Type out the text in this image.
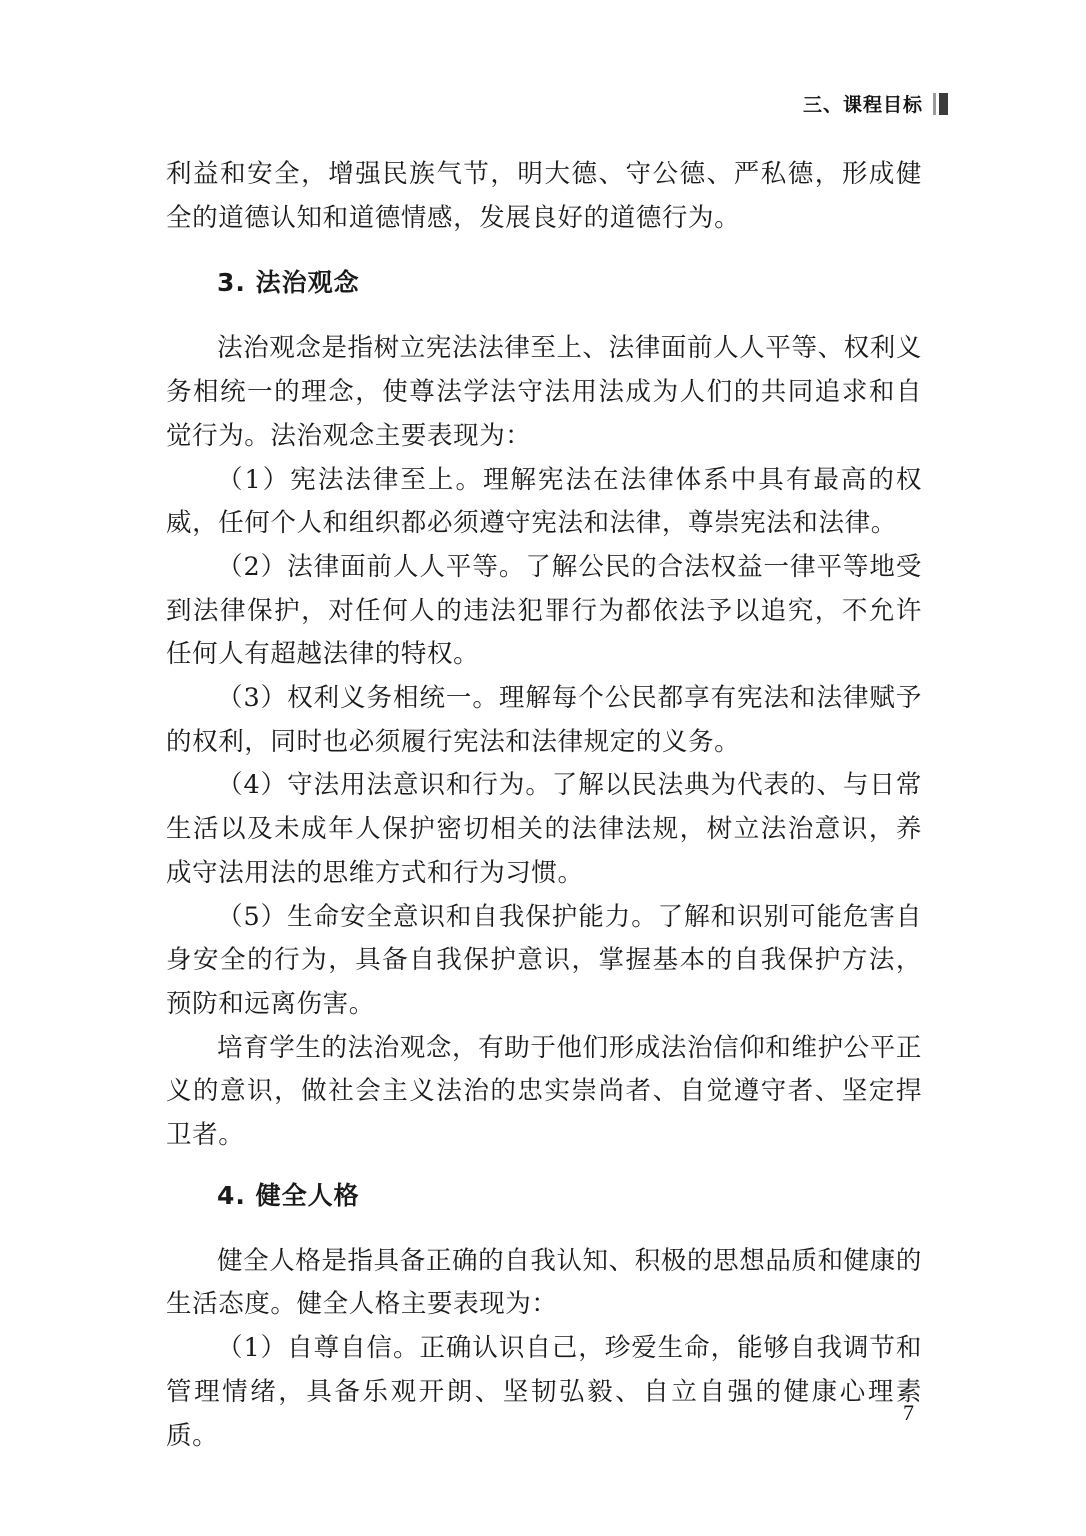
三、课程目标

利益和安全，增强民族气节，明大德、守公德、严私德，形成健全的道德认知和道德情感，发展良好的道德行为。

3. 法治观念

法治观念是指树立宪法法律至上、法律面前人人平等、权利义务相统一的理念，使尊法学法守法用法成为人们的共同追求和自觉行为。法治观念主要表现为：

（1）宪法法律至上。理解宪法在法律体系中具有最高的权威，任何个人和组织都必须遵守宪法和法律，尊崇宪法和法律。

（2）法律面前人人平等。了解公民的合法权益一律平等地受到法律保护，对任何人的违法犯罪行为都依法予以追究，不允许任何人有超越法律的特权。

（3）权利义务相统一。理解每个公民都享有宪法和法律赋予的权利，同时也必须履行宪法和法律规定的义务。

（4）守法用法意识和行为。了解以民法典为代表的、与日常生活以及未成年人保护密切相关的法律法规，树立法治意识，养成守法用法的思维方式和行为习惯。

（5）生命安全意识和自我保护能力。了解和识别可能危害自身安全的行为，具备自我保护意识，掌握基本的自我保护方法，预防和远离伤害。

培育学生的法治观念，有助于他们形成法治信仰和维护公平正义的意识，做社会主义法治的忠实崇尚者、自觉遵守者、坚定捍卫者。

4. 健全人格

健全人格是指具备正确的自我认知、积极的思想品质和健康的生活态度。健全人格主要表现为：

（1）自尊自信。正确认识自己，珍爱生命，能够自我调节和管理情绪，具备乐观开朗、坚韧弘毅、自立自强的健康心理素质。

7
